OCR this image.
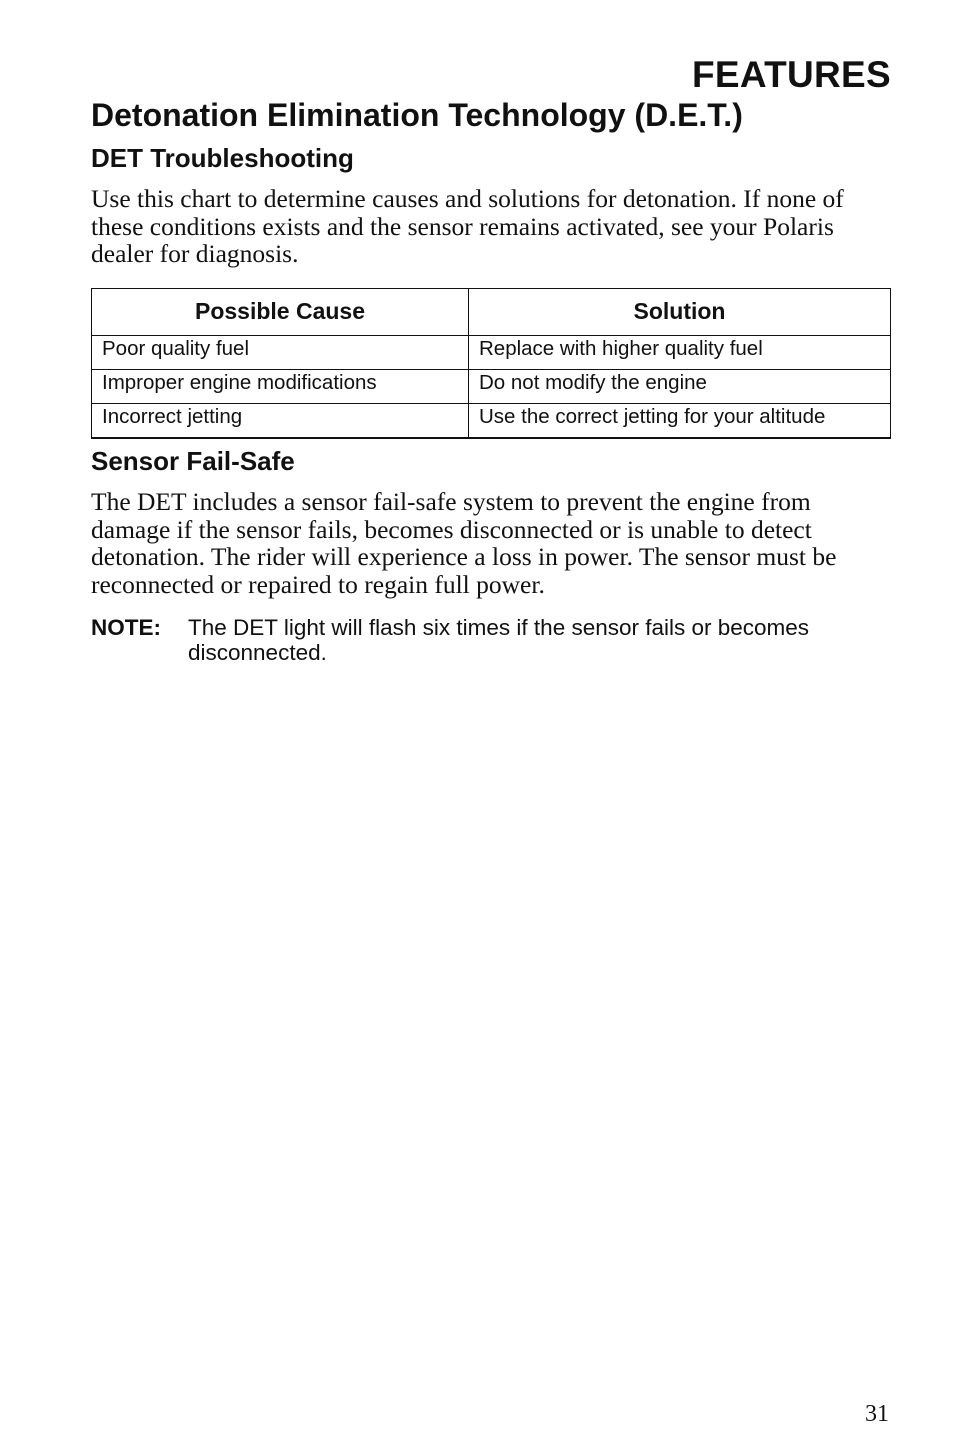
FEATURES
Detonation Elimination Technology (D.E.T.)
DET Troubleshooting

Use this chart to determine causes and solutions for detonation. If none of these conditions exists and the sensor remains activated, see your Polaris dealer for diagnosis.

Possible Cause	Solution
Poor quality fuel	Replace with higher quality fuel
Improper engine modifications	Do not modify the engine
Incorrect jetting	Use the correct jetting for your altitude
Sensor Fail-Safe

The DET includes a sensor fail-safe system to prevent the engine from damage if the sensor fails, becomes disconnected or is unable to detect detonation. The rider will experience a loss in power. The sensor must be reconnected or repaired to regain full power.

NOTE: The DET light will flash six times if the sensor fails or becomes disconnected.
31
